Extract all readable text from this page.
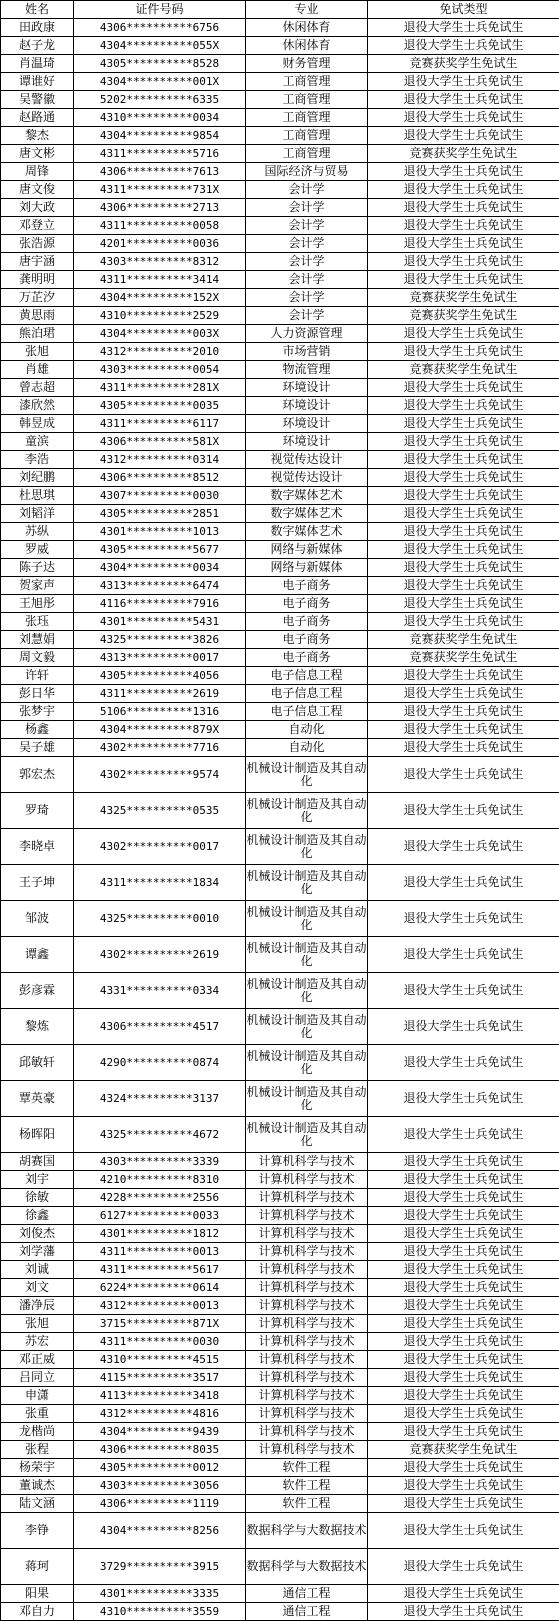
姓名	证件号码	专业	免试类型
田政康	4306**********6756	休闲体育	退役大学生士兵免试生
赵子龙	4304**********055X	休闲体育	退役大学生士兵免试生
肖温琦	4305**********8528	财务管理	竞赛获奖学生免试生
谭谁好	4304**********001X	工商管理	退役大学生士兵免试生
吴警徽	5202**********6335	工商管理	退役大学生士兵免试生
赵路通	4310**********0034	工商管理	退役大学生士兵免试生
黎杰	4304**********9854	工商管理	退役大学生士兵免试生
唐文彬	4311**********5716	工商管理	竞赛获奖学生免试生
周锋	4306**********7613	国际经济与贸易	退役大学生士兵免试生
唐文俊	4311**********731X	会计学	退役大学生士兵免试生
刘大政	4306**********2713	会计学	退役大学生士兵免试生
邓登立	4311**********0058	会计学	退役大学生士兵免试生
张浩源	4201**********0036	会计学	退役大学生士兵免试生
唐宇涵	4303**********8312	会计学	退役大学生士兵免试生
龚明明	4311**********3414	会计学	退役大学生士兵免试生
万芷汐	4304**********152X	会计学	竞赛获奖学生免试生
黄思雨	4310**********2529	会计学	竞赛获奖学生免试生
熊泊珺	4304**********003X	人力资源管理	退役大学生士兵免试生
张旭	4312**********2010	市场营销	退役大学生士兵免试生
肖雄	4303**********0054	物流管理	竞赛获奖学生免试生
曾志超	4311**********281X	环境设计	退役大学生士兵免试生
漆欣然	4305**********0035	环境设计	退役大学生士兵免试生
韩昱成	4311**********6117	环境设计	退役大学生士兵免试生
童滨	4306**********581X	环境设计	退役大学生士兵免试生
李浩	4312**********0314	视觉传达设计	退役大学生士兵免试生
刘纪鹏	4306**********8512	视觉传达设计	退役大学生士兵免试生
杜思琪	4307**********0030	数字媒体艺术	退役大学生士兵免试生
刘韬洋	4305**********2851	数字媒体艺术	退役大学生士兵免试生
苏纵	4301**********1013	数字媒体艺术	退役大学生士兵免试生
罗威	4305**********5677	网络与新媒体	退役大学生士兵免试生
陈子达	4304**********0034	网络与新媒体	退役大学生士兵免试生
贺家声	4313**********6474	电子商务	退役大学生士兵免试生
王旭彤	4116**********7916	电子商务	退役大学生士兵免试生
张珏	4301**********5431	电子商务	退役大学生士兵免试生
刘慧娟	4325**********3826	电子商务	竞赛获奖学生免试生
周文毅	4313**********0017	电子商务	竞赛获奖学生免试生
许轩	4305**********4056	电子信息工程	退役大学生士兵免试生
彭日华	4311**********2619	电子信息工程	退役大学生士兵免试生
张梦宇	5106**********1316	电子信息工程	退役大学生士兵免试生
杨鑫	4304**********879X	自动化	退役大学生士兵免试生
吴子雄	4302**********7716	自动化	退役大学生士兵免试生
郭宏杰	4302**********9574	机械设计制造及其自动化	退役大学生士兵免试生
罗琦	4325**********0535	机械设计制造及其自动化	退役大学生士兵免试生
李晓卓	4302**********0017	机械设计制造及其自动化	退役大学生士兵免试生
王子坤	4311**********1834	机械设计制造及其自动化	退役大学生士兵免试生
邹波	4325**********0010	机械设计制造及其自动化	退役大学生士兵免试生
谭鑫	4302**********2619	机械设计制造及其自动化	退役大学生士兵免试生
彭彦霖	4331**********0334	机械设计制造及其自动化	退役大学生士兵免试生
黎炼	4306**********4517	机械设计制造及其自动化	退役大学生士兵免试生
邱敏轩	4290**********0874	机械设计制造及其自动化	退役大学生士兵免试生
覃英豪	4324**********3137	机械设计制造及其自动化	退役大学生士兵免试生
杨晖阳	4325**********4672	机械设计制造及其自动化	退役大学生士兵免试生
胡赛国	4303**********3339	计算机科学与技术	退役大学生士兵免试生
刘宇	4210**********8310	计算机科学与技术	退役大学生士兵免试生
徐敏	4228**********2556	计算机科学与技术	退役大学生士兵免试生
徐鑫	6127**********0033	计算机科学与技术	退役大学生士兵免试生
刘俊杰	4301**********1812	计算机科学与技术	退役大学生士兵免试生
刘学藩	4311**********0013	计算机科学与技术	退役大学生士兵免试生
刘诚	4311**********5617	计算机科学与技术	退役大学生士兵免试生
刘文	6224**********0614	计算机科学与技术	退役大学生士兵免试生
潘净辰	4312**********0013	计算机科学与技术	退役大学生士兵免试生
张旭	3715**********871X	计算机科学与技术	退役大学生士兵免试生
苏宏	4311**********0030	计算机科学与技术	退役大学生士兵免试生
邓正威	4310**********4515	计算机科学与技术	退役大学生士兵免试生
吕同立	4115**********3517	计算机科学与技术	退役大学生士兵免试生
申潇	4113**********3418	计算机科学与技术	退役大学生士兵免试生
张重	4312**********4816	计算机科学与技术	退役大学生士兵免试生
龙楷尚	4304**********9439	计算机科学与技术	退役大学生士兵免试生
张程	4306**********8035	计算机科学与技术	竞赛获奖学生免试生
杨荣宇	4305**********0012	软件工程	退役大学生士兵免试生
董诚杰	4303**********3056	软件工程	退役大学生士兵免试生
陆文涵	4306**********1119	软件工程	退役大学生士兵免试生
李铮	4304**********8256	数据科学与大数据技术	退役大学生士兵免试生
蒋珂	3729**********3915	数据科学与大数据技术	退役大学生士兵免试生
阳果	4301**********3335	通信工程	退役大学生士兵免试生
邓自力	4310**********3559	通信工程	退役大学生士兵免试生
